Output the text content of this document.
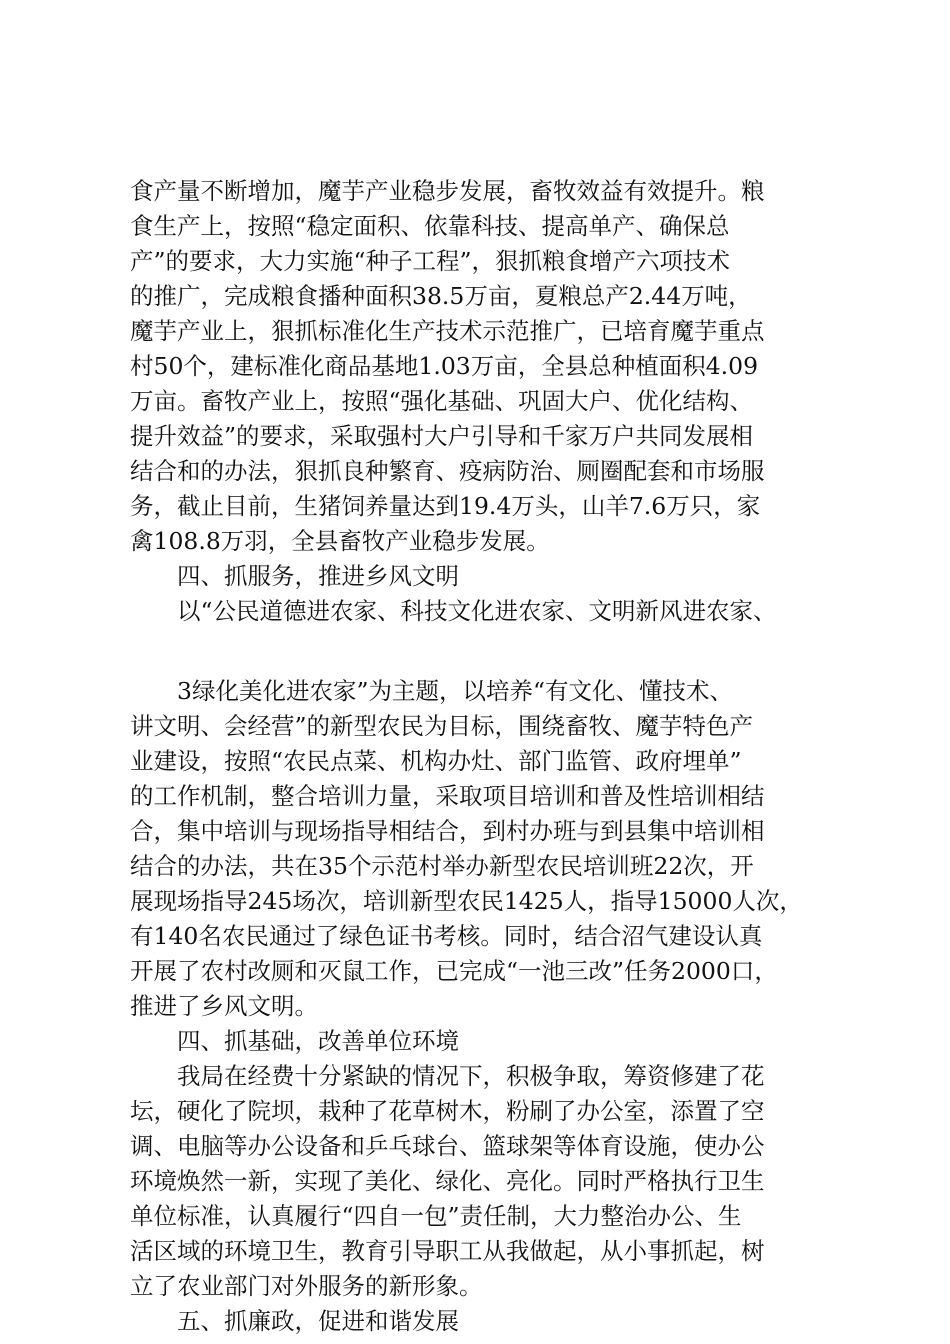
食产量不断增加，魔芋产业稳步发展，畜牧效益有效提升。粮
食生产上，按照“稳定面积、依靠科技、提高单产、确保总
产”的要求，大力实施“种子工程”，狠抓粮食增产六项技术
的推广，完成粮食播种面积38.5万亩，夏粮总产2.44万吨，
魔芋产业上，狠抓标准化生产技术示范推广，已培育魔芋重点
村50个，建标准化商品基地1.03万亩，全县总种植面积4.09
万亩。畜牧产业上，按照“强化基础、巩固大户、优化结构、
提升效益”的要求，采取强村大户引导和千家万户共同发展相
结合和的办法，狠抓良种繁育、疫病防治、厕圈配套和市场服
务，截止目前，生猪饲养量达到19.4万头，山羊7.6万只，家
禽108.8万羽，全县畜牧产业稳步发展。
　　四、抓服务，推进乡风文明
　　以“公民道德进农家、科技文化进农家、文明新风进农家、
　　3绿化美化进农家”为主题，以培养“有文化、懂技术、
讲文明、会经营”的新型农民为目标，围绕畜牧、魔芋特色产
业建设，按照“农民点菜、机构办灶、部门监管、政府埋单”
的工作机制，整合培训力量，采取项目培训和普及性培训相结
合，集中培训与现场指导相结合，到村办班与到县集中培训相
结合的办法，共在35个示范村举办新型农民培训班22次，开
展现场指导245场次，培训新型农民1425人，指导15000人次，
有140名农民通过了绿色证书考核。同时，结合沼气建设认真
开展了农村改厕和灭鼠工作，已完成“一池三改”任务2000口，
推进了乡风文明。
　　四、抓基础，改善单位环境
　　我局在经费十分紧缺的情况下，积极争取，筹资修建了花
坛，硬化了院坝，栽种了花草树木，粉刷了办公室，添置了空
调、电脑等办公设备和乒乓球台、篮球架等体育设施，使办公
环境焕然一新，实现了美化、绿化、亮化。同时严格执行卫生
单位标准，认真履行“四自一包”责任制，大力整治办公、生
活区域的环境卫生，教育引导职工从我做起，从小事抓起，树
立了农业部门对外服务的新形象。
　　五、抓廉政，促进和谐发展
